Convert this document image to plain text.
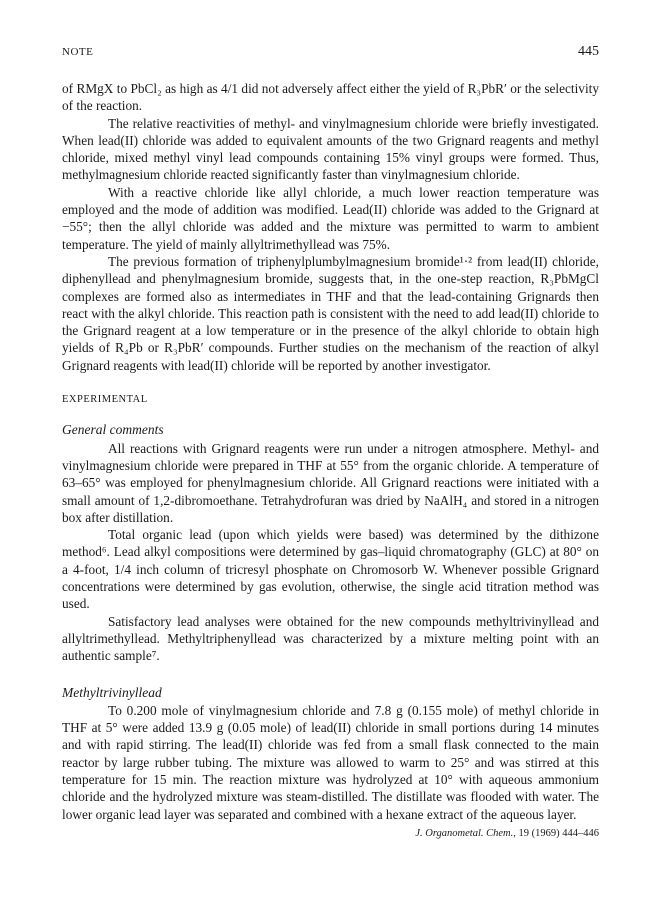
NOTE	445

of RMgX to PbCl₂ as high as 4/1 did not adversely affect either the yield of R₃PbR′ or the selectivity of the reaction.

The relative reactivities of methyl- and vinylmagnesium chloride were briefly investigated. When lead(II) chloride was added to equivalent amounts of the two Grignard reagents and methyl chloride, mixed methyl vinyl lead compounds containing 15% vinyl groups were formed. Thus, methylmagnesium chloride reacted significantly faster than vinylmagnesium chloride.

With a reactive chloride like allyl chloride, a much lower reaction temperature was employed and the mode of addition was modified. Lead(II) chloride was added to the Grignard at −55°; then the allyl chloride was added and the mixture was permitted to warm to ambient temperature. The yield of mainly allyltrimethyllead was 75%.

The previous formation of triphenylplumbylmagnesium bromide¹·² from lead(II) chloride, diphenyllead and phenylmagnesium bromide, suggests that, in the one-step reaction, R₃PbMgCl complexes are formed also as intermediates in THF and that the lead-containing Grignards then react with the alkyl chloride. This reaction path is consistent with the need to add lead(II) chloride to the Grignard reagent at a low temperature or in the presence of the alkyl chloride to obtain high yields of R₄Pb or R₃PbR′ compounds. Further studies on the mechanism of the reaction of alkyl Grignard reagents with lead(II) chloride will be reported by another investigator.

EXPERIMENTAL
General comments

All reactions with Grignard reagents were run under a nitrogen atmosphere. Methyl- and vinylmagnesium chloride were prepared in THF at 55° from the organic chloride. A temperature of 63–65° was employed for phenylmagnesium chloride. All Grignard reactions were initiated with a small amount of 1,2-dibromoethane. Tetrahydrofuran was dried by NaAlH₄ and stored in a nitrogen box after distillation.

Total organic lead (upon which yields were based) was determined by the dithizone method⁶. Lead alkyl compositions were determined by gas–liquid chromatography (GLC) at 80° on a 4-foot, 1/4 inch column of tricresyl phosphate on Chromosorb W. Whenever possible Grignard concentrations were determined by gas evolution, otherwise, the single acid titration method was used.

Satisfactory lead analyses were obtained for the new compounds methyltrivinyllead and allyltrimethyllead. Methyltriphenyllead was characterized by a mixture melting point with an authentic sample⁷.

Methyltrivinyllead

To 0.200 mole of vinylmagnesium chloride and 7.8 g (0.155 mole) of methyl chloride in THF at 5° were added 13.9 g (0.05 mole) of lead(II) chloride in small portions during 14 minutes and with rapid stirring. The lead(II) chloride was fed from a small flask connected to the main reactor by large rubber tubing. The mixture was allowed to warm to 25° and was stirred at this temperature for 15 min. The reaction mixture was hydrolyzed at 10° with aqueous ammonium chloride and the hydrolyzed mixture was steam-distilled. The distillate was flooded with water. The lower organic lead layer was separated and combined with a hexane extract of the aqueous layer.

J. Organometal. Chem., 19 (1969) 444–446
